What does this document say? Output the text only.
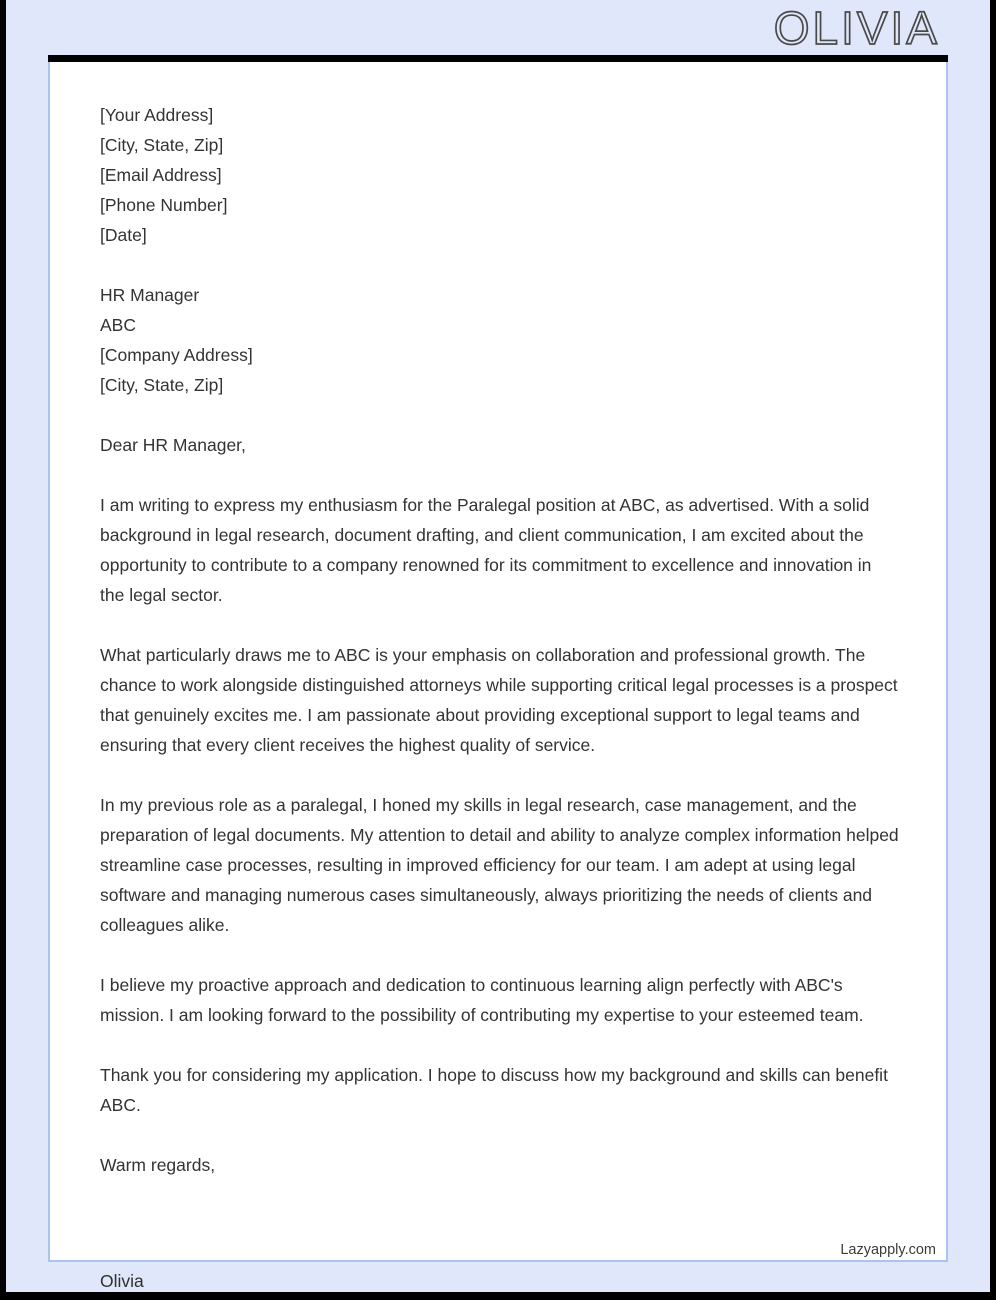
OLIVIA
[Your Address]
[City, State, Zip]
[Email Address]
[Phone Number]
[Date]
HR Manager
ABC
[Company Address]
[City, State, Zip]
Dear HR Manager,

I am writing to express my enthusiasm for the Paralegal position at ABC, as advertised. With a solid background in legal research, document drafting, and client communication, I am excited about the opportunity to contribute to a company renowned for its commitment to excellence and innovation in the legal sector.

What particularly draws me to ABC is your emphasis on collaboration and professional growth. The chance to work alongside distinguished attorneys while supporting critical legal processes is a prospect that genuinely excites me. I am passionate about providing exceptional support to legal teams and ensuring that every client receives the highest quality of service.

In my previous role as a paralegal, I honed my skills in legal research, case management, and the preparation of legal documents. My attention to detail and ability to analyze complex information helped streamline case processes, resulting in improved efficiency for our team. I am adept at using legal software and managing numerous cases simultaneously, always prioritizing the needs of clients and colleagues alike.

I believe my proactive approach and dedication to continuous learning align perfectly with ABC's mission. I am looking forward to the possibility of contributing my expertise to your esteemed team.

Thank you for considering my application. I hope to discuss how my background and skills can benefit ABC.

Warm regards,
Lazyapply.com
Olivia
